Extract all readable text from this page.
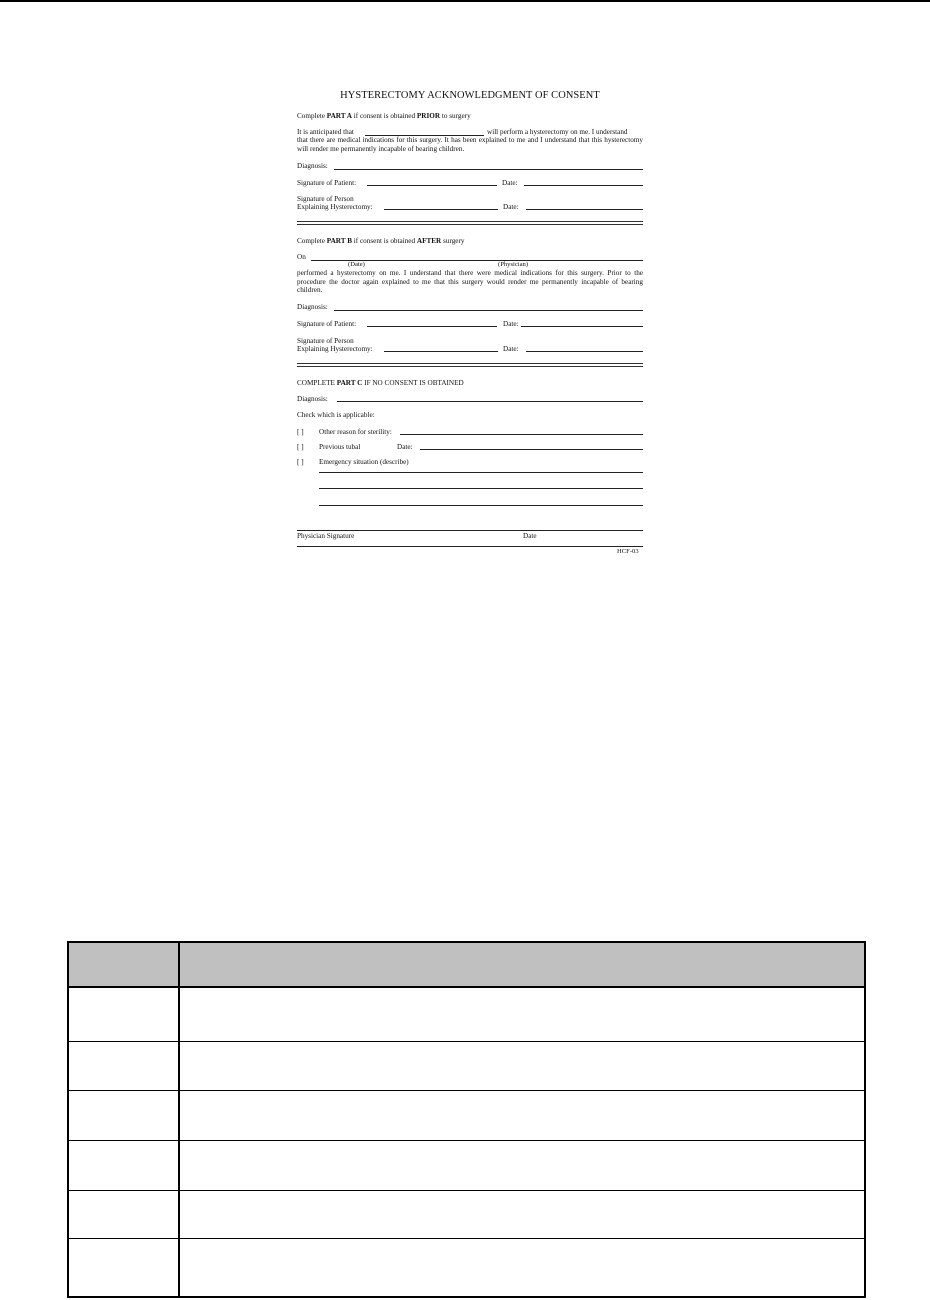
HYSTERECTOMY ACKNOWLEDGMENT OF CONSENT
Complete PART A if consent is obtained PRIOR to surgery
It is anticipated that	will perform a hysterectomy on me. I understand
that there are medical indications for this surgery. It has been explained to me and I understand that this hysterectomy will render me permanently incapable of bearing children.
Diagnosis:
Signature of Patient:	Date:
Signature of Person
Explaining Hysterectomy:	Date:
Complete PART B if consent is obtained AFTER surgery
On
(Date)	(Physician)
performed a hysterectomy on me. I understand that there were medical indications for this surgery. Prior to the procedure the doctor again explained to me that this surgery would render me permanently incapable of bearing children.
Diagnosis:
Signature of Patient:	Date:
Signature of Person
Explaining Hysterectomy:	Date:
COMPLETE PART C IF NO CONSENT IS OBTAINED
Diagnosis:
Check which is applicable:
[ ] Other reason for sterility:
[ ] Previous tubal	Date:
[ ] Emergency situation (describe)
Physician Signature	Date
HCF-03
